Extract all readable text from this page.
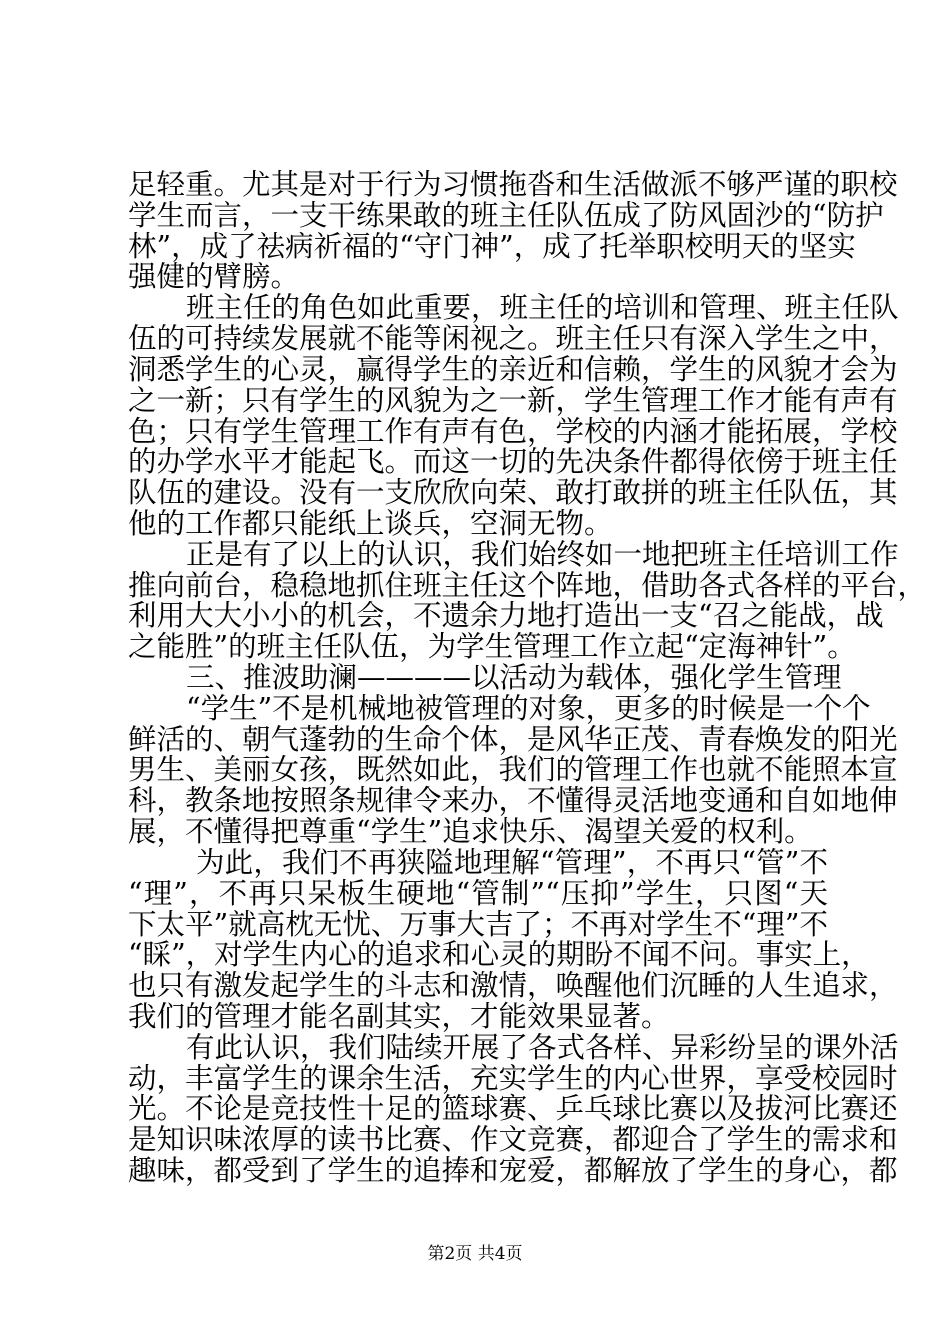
足轻重。尤其是对于行为习惯拖沓和生活做派不够严谨的职校
学生而言，一支干练果敢的班主任队伍成了防风固沙的“防护
林”，成了祛病祈福的“守门神”，成了托举职校明天的坚实
强健的臂膀。
班主任的角色如此重要，班主任的培训和管理、班主任队
伍的可持续发展就不能等闲视之。班主任只有深入学生之中，
洞悉学生的心灵，赢得学生的亲近和信赖，学生的风貌才会为
之一新；只有学生的风貌为之一新，学生管理工作才能有声有
色；只有学生管理工作有声有色，学校的内涵才能拓展，学校
的办学水平才能起飞。而这一切的先决条件都得依傍于班主任
队伍的建设。没有一支欣欣向荣、敢打敢拼的班主任队伍，其
他的工作都只能纸上谈兵，空洞无物。
正是有了以上的认识，我们始终如一地把班主任培训工作
推向前台，稳稳地抓住班主任这个阵地，借助各式各样的平台，
利用大大小小的机会，不遗余力地打造出一支“召之能战，战
之能胜”的班主任队伍，为学生管理工作立起“定海神针”。
三、推波助澜————以活动为载体，强化学生管理
“学生”不是机械地被管理的对象，更多的时候是一个个
鲜活的、朝气蓬勃的生命个体，是风华正茂、青春焕发的阳光
男生、美丽女孩，既然如此，我们的管理工作也就不能照本宣
科，教条地按照条规律令来办，不懂得灵活地变通和自如地伸
展，不懂得把尊重“学生”追求快乐、渴望关爱的权利。
为此，我们不再狭隘地理解“管理”，不再只“管”不
“理”，不再只呆板生硬地“管制”“压抑”学生，只图“天
下太平”就高枕无忧、万事大吉了；不再对学生不“理”不
“睬”，对学生内心的追求和心灵的期盼不闻不问。事实上，
也只有激发起学生的斗志和激情，唤醒他们沉睡的人生追求，
我们的管理才能名副其实，才能效果显著。
有此认识，我们陆续开展了各式各样、异彩纷呈的课外活
动，丰富学生的课余生活，充实学生的内心世界，享受校园时
光。不论是竞技性十足的篮球赛、乒乓球比赛以及拔河比赛还
是知识味浓厚的读书比赛、作文竞赛，都迎合了学生的需求和
趣味，都受到了学生的追捧和宠爱，都解放了学生的身心，都
第2页 共4页
